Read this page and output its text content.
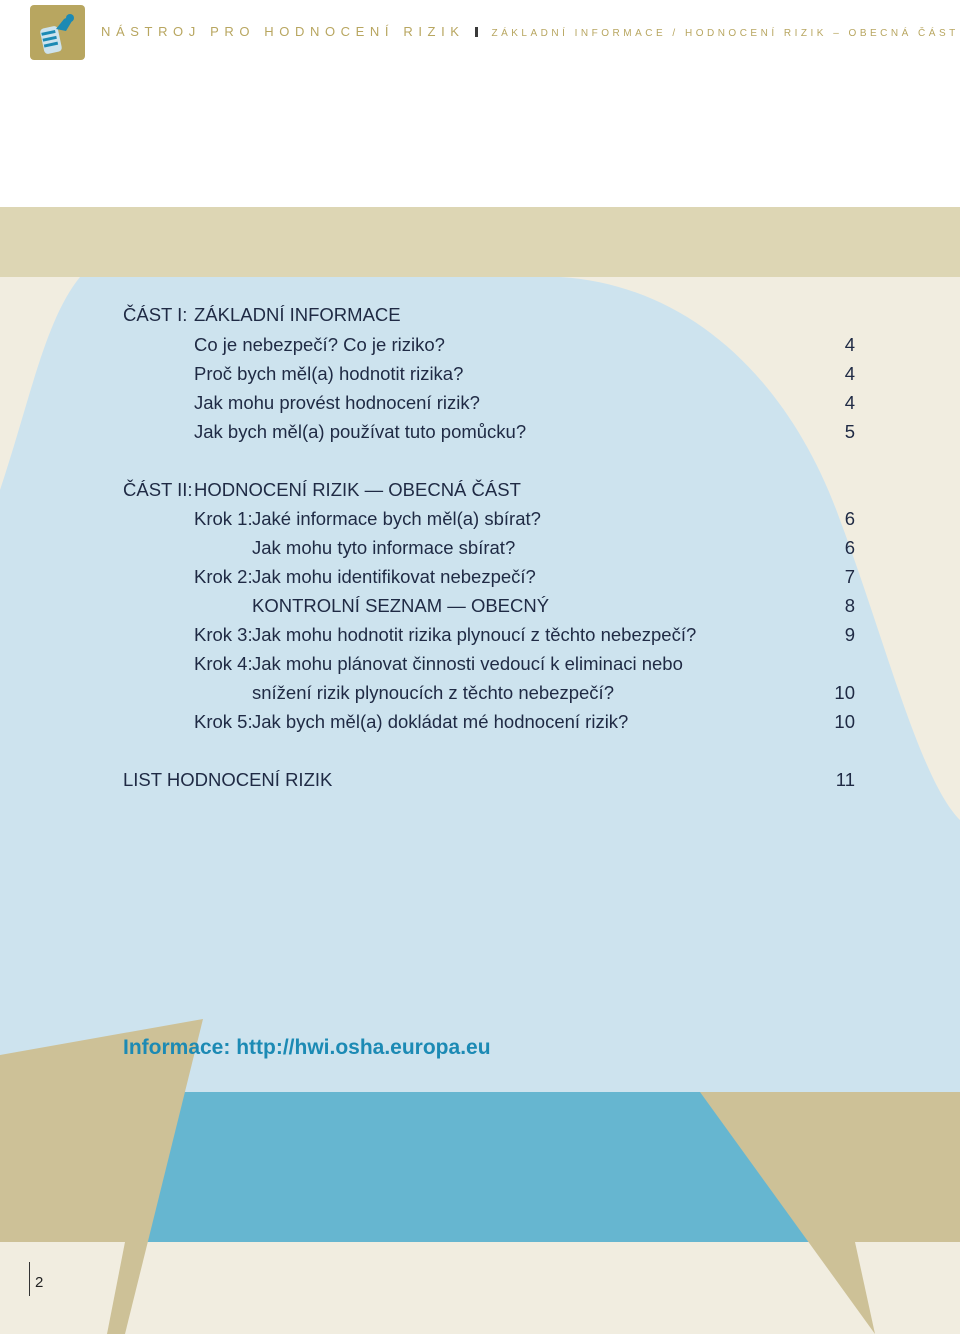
NÁSTROJ PRO HODNOCENÍ RIZIK	ZÁKLADNÍ INFORMACE / HODNOCENÍ RIZIK – OBECNÁ ČÁST
ČÁST I: ZÁKLADNÍ INFORMACE
Co je nebezpečí? Co je riziko?	4
Proč bych měl(a) hodnotit rizika?	4
Jak mohu provést hodnocení rizik?	4
Jak bych měl(a) používat tuto pomůcku?	5
ČÁST II: HODNOCENÍ RIZIK — OBECNÁ ČÁST
Krok 1: Jaké informace bych měl(a) sbírat?	6
Jak mohu tyto informace sbírat?	6
Krok 2: Jak mohu identifikovat nebezpečí?	7
KONTROLNÍ SEZNAM — OBECNÝ	8
Krok 3: Jak mohu hodnotit rizika plynoucí z těchto nebezpečí?	9
Krok 4: Jak mohu plánovat činnosti vedoucí k eliminaci nebo
snížení rizik plynoucích z těchto nebezpečí?	10
Krok 5: Jak bych měl(a) dokládat mé hodnocení rizik?	10
LIST HODNOCENÍ RIZIK	11
Informace: http://hwi.osha.europa.eu
2
